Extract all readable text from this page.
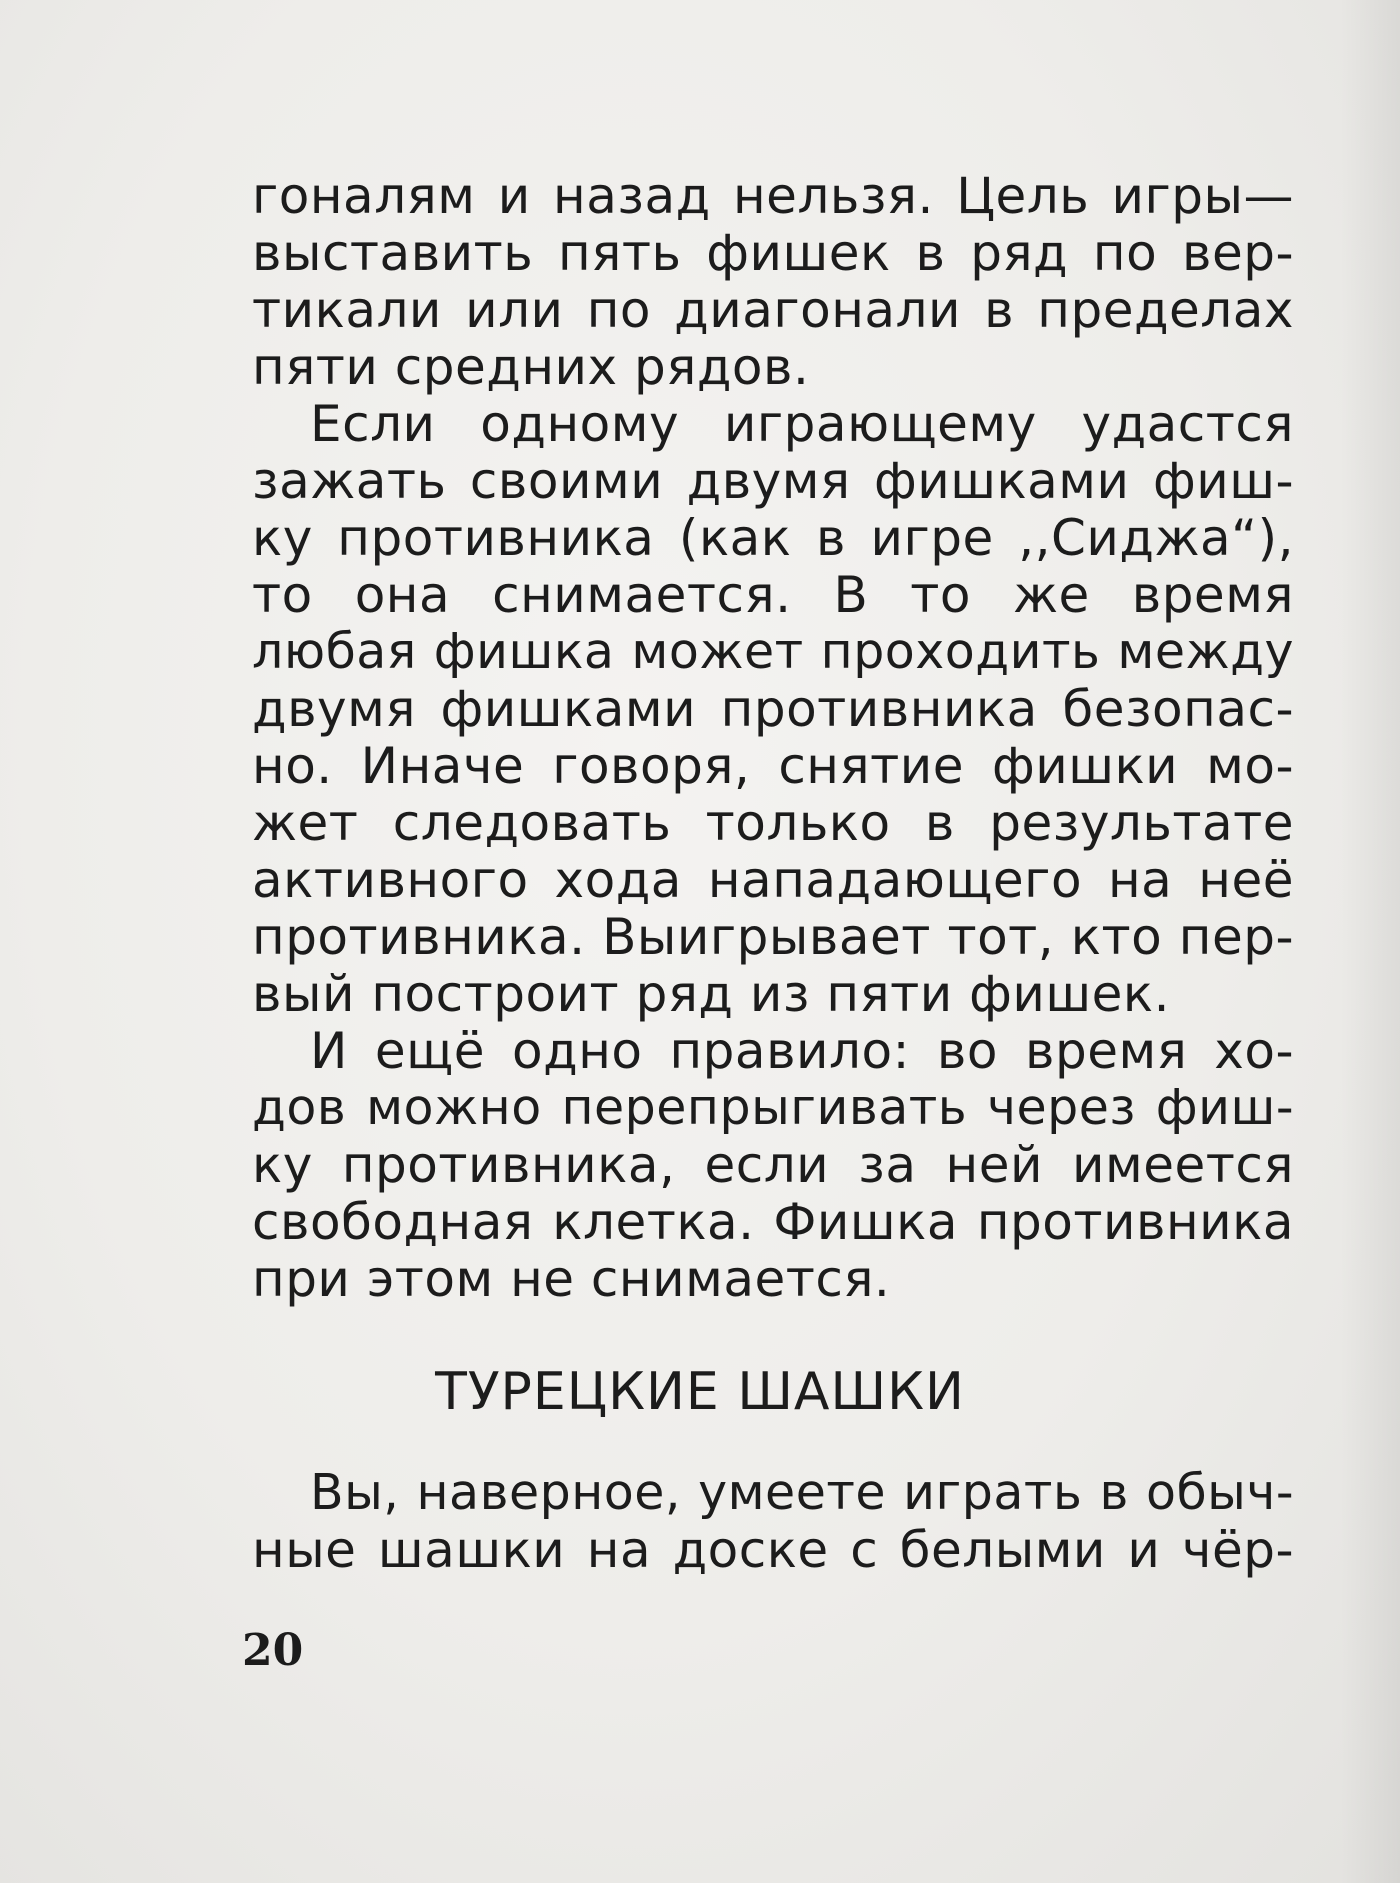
гоналям и назад нельзя. Цель игры—

выставить пять фишек в ряд по вер-

тикали или по диагонали в пределах

пяти средних рядов.

Если одному играющему удастся

зажать своими двумя фишками фиш-

ку противника (как в игре ,,Сиджа“),

то она снимается. В то же время

любая фишка может проходить между

двумя фишками противника безопас-

но. Иначе говоря, снятие фишки мо-

жет следовать только в результате

активного хода нападающего на неё

противника. Выигрывает тот, кто пер-

вый построит ряд из пяти фишек.

И ещё одно правило: во время хо-

дов можно перепрыгивать через фиш-

ку противника, если за ней имеется

свободная клетка. Фишка противника

при этом не снимается.

ТУРЕЦКИЕ ШАШКИ

Вы, наверное, умеете играть в обыч-

ные шашки на доске с белыми и чёр-

20
